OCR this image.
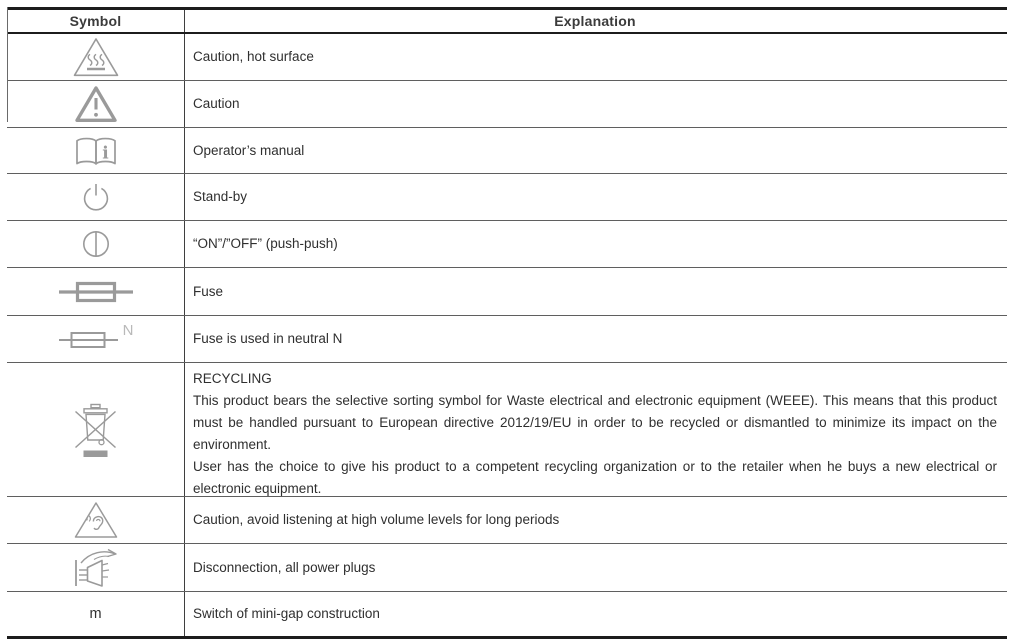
Symbol	Explanation
Caution, hot surface
Caution
i	Operator’s manual
Stand-by
“ON”/”OFF” (push-push)
Fuse
N	Fuse is used in neutral N
RECYCLING
This product bears the selective sorting symbol for Waste electrical and electronic equipment (WEEE). This means that this product must be handled pursuant to European directive 2012/19/EU in order to be recycled or dismantled to minimize its impact on the environment.
User has the choice to give his product to a competent recycling organization or to the retailer when he buys a new electrical or electronic equipment.
Caution, avoid listening at high volume levels for long periods
Disconnection, all power plugs
m	Switch of mini-gap construction
